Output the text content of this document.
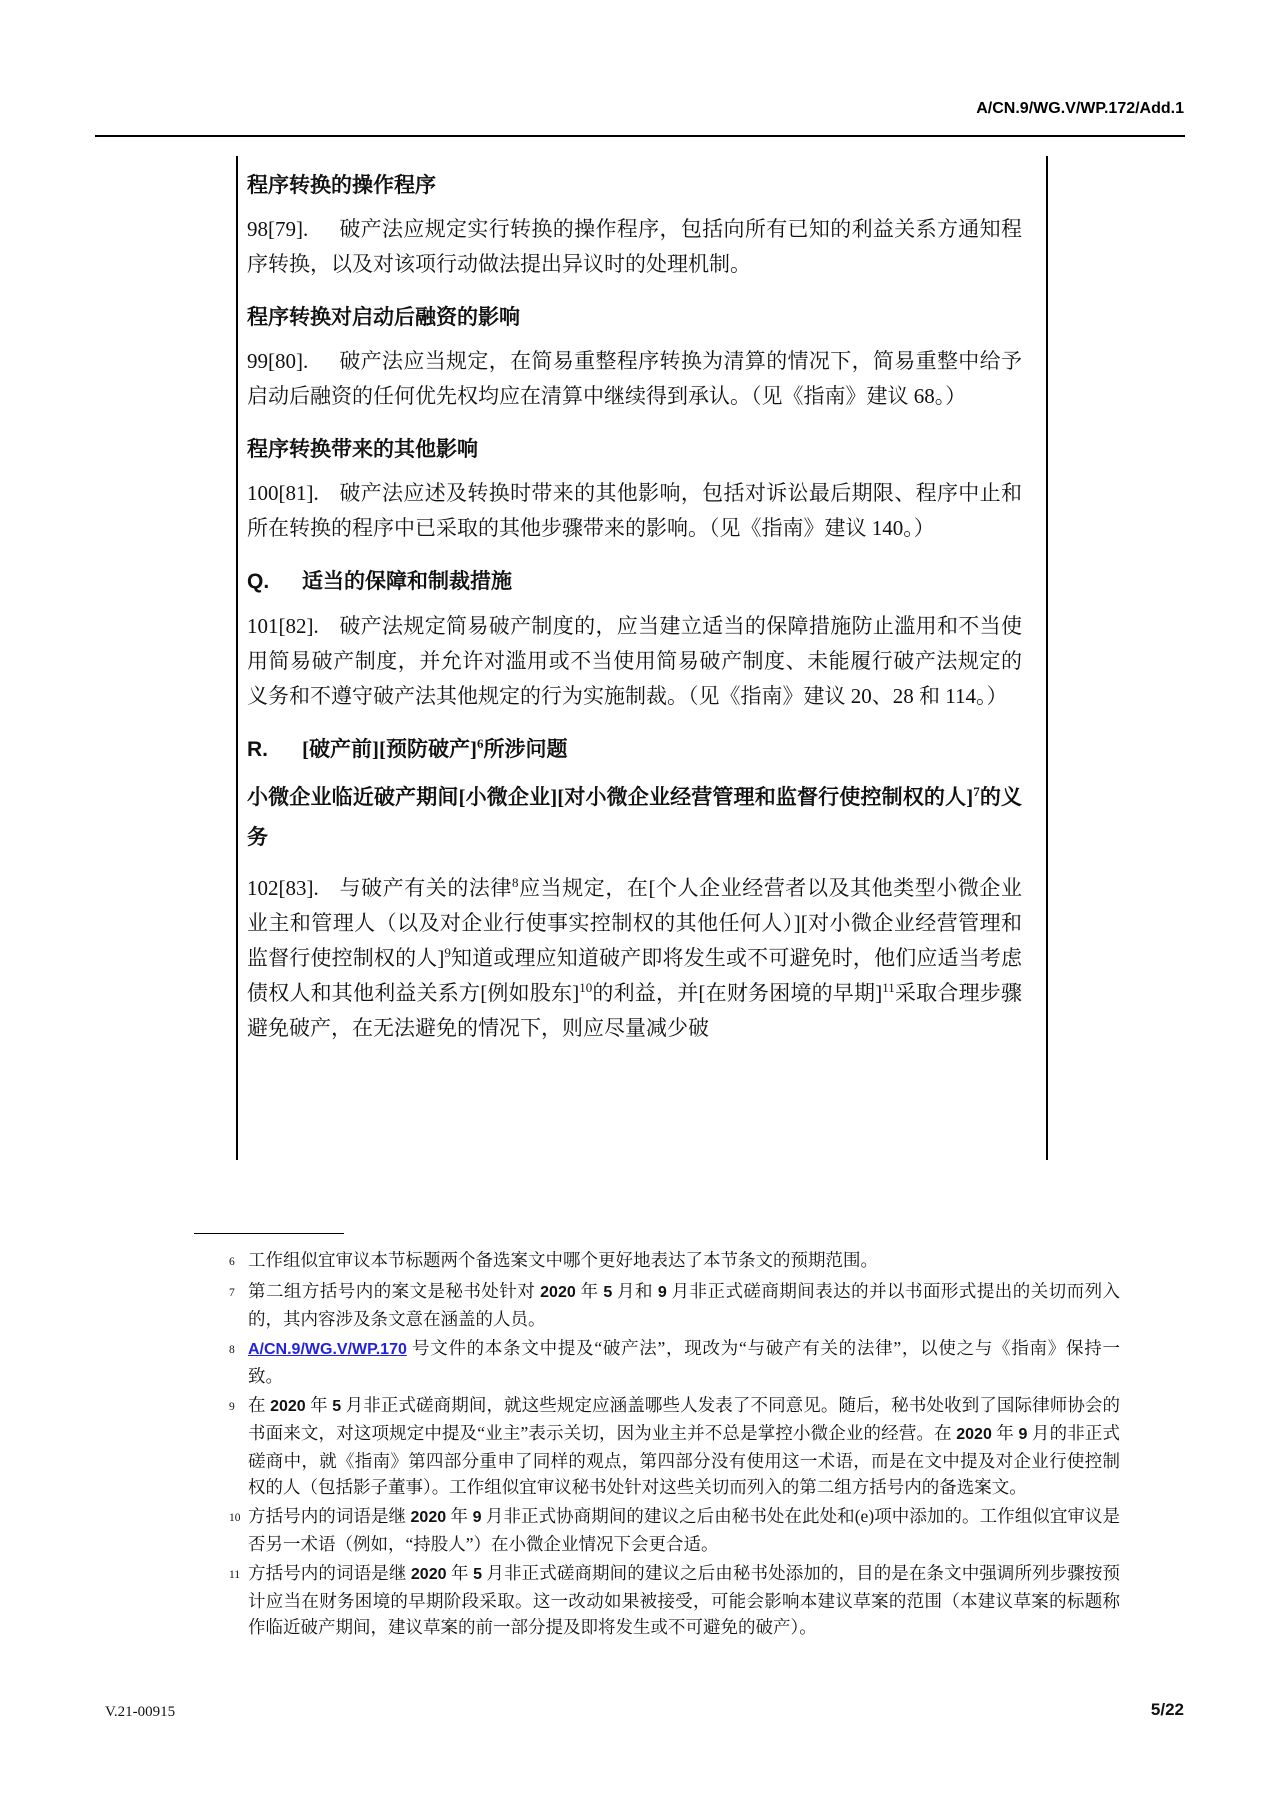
A/CN.9/WG.V/WP.172/Add.1
程序转换的操作程序
98[79]. 破产法应规定实行转换的操作程序，包括向所有已知的利益关系方通知程序转换，以及对该项行动做法提出异议时的处理机制。
程序转换对启动后融资的影响
99[80]. 破产法应当规定，在简易重整程序转换为清算的情况下，简易重整中给予启动后融资的任何优先权均应在清算中继续得到承认。（见《指南》建议 68。）
程序转换带来的其他影响
100[81]. 破产法应述及转换时带来的其他影响，包括对诉讼最后期限、程序中止和所在转换的程序中已采取的其他步骤带来的影响。（见《指南》建议 140。）
Q. 适当的保障和制裁措施
101[82]. 破产法规定简易破产制度的，应当建立适当的保障措施防止滥用和不当使用简易破产制度，并允许对滥用或不当使用简易破产制度、未能履行破产法规定的义务和不遵守破产法其他规定的行为实施制裁。（见《指南》建议 20、28 和 114。）
R. [破产前][预防破产]$^6$所涉问题
小微企业临近破产期间[小微企业][对小微企业经营管理和监督行使控制权的人]$^7$的义务
102[83]. 与破产有关的法律$^8$应当规定，在[个人企业经营者以及其他类型小微企业业主和管理人（以及对企业行使事实控制权的其他任何人）][对小微企业经营管理和监督行使控制权的人]$^9$知道或理应知道破产即将发生或不可避免时，他们应适当考虑债权人和其他利益关系方[例如股东]$^{10}$的利益，并[在财务困境的早期]$^{11}$采取合理步骤避免破产，在无法避免的情况下，则应尽量减少破
6 工作组似宜审议本节标题两个备选案文中哪个更好地表达了本节条文的预期范围。
7 第二组方括号内的案文是秘书处针对 2020 年 5 月和 9 月非正式磋商期间表达的并以书面形式提出的关切而列入的，其内容涉及条文意在涵盖的人员。
8 A/CN.9/WG.V/WP.170 号文件的本条文中提及“破产法”，现改为“与破产有关的法律”，以使之与《指南》保持一致。
9 在 2020 年 5 月非正式磋商期间，就这些规定应涵盖哪些人发表了不同意见。随后，秘书处收到了国际律师协会的书面来文，对这项规定中提及“业主”表示关切，因为业主并不总是掌控小微企业的经营。在 2020 年 9 月的非正式磋商中，就《指南》第四部分重申了同样的观点，第四部分没有使用这一术语，而是在文中提及对企业行使控制权的人（包括影子董事）。工作组似宜审议秘书处针对这些关切而列入的第二组方括号内的备选案文。
10 方括号内的词语是继 2020 年 9 月非正式协商期间的建议之后由秘书处在此处和(e)项中添加的。工作组似宜审议是否另一术语（例如，“持股人”）在小微企业情况下会更合适。
11 方括号内的词语是继 2020 年 5 月非正式磋商期间的建议之后由秘书处添加的，目的是在条文中强调所列步骤按预计应当在财务困境的早期阶段采取。这一改动如果被接受，可能会影响本建议草案的范围（本建议草案的标题称作临近破产期间，建议草案的前一部分提及即将发生或不可避免的破产）。
V.21-00915	5/22
